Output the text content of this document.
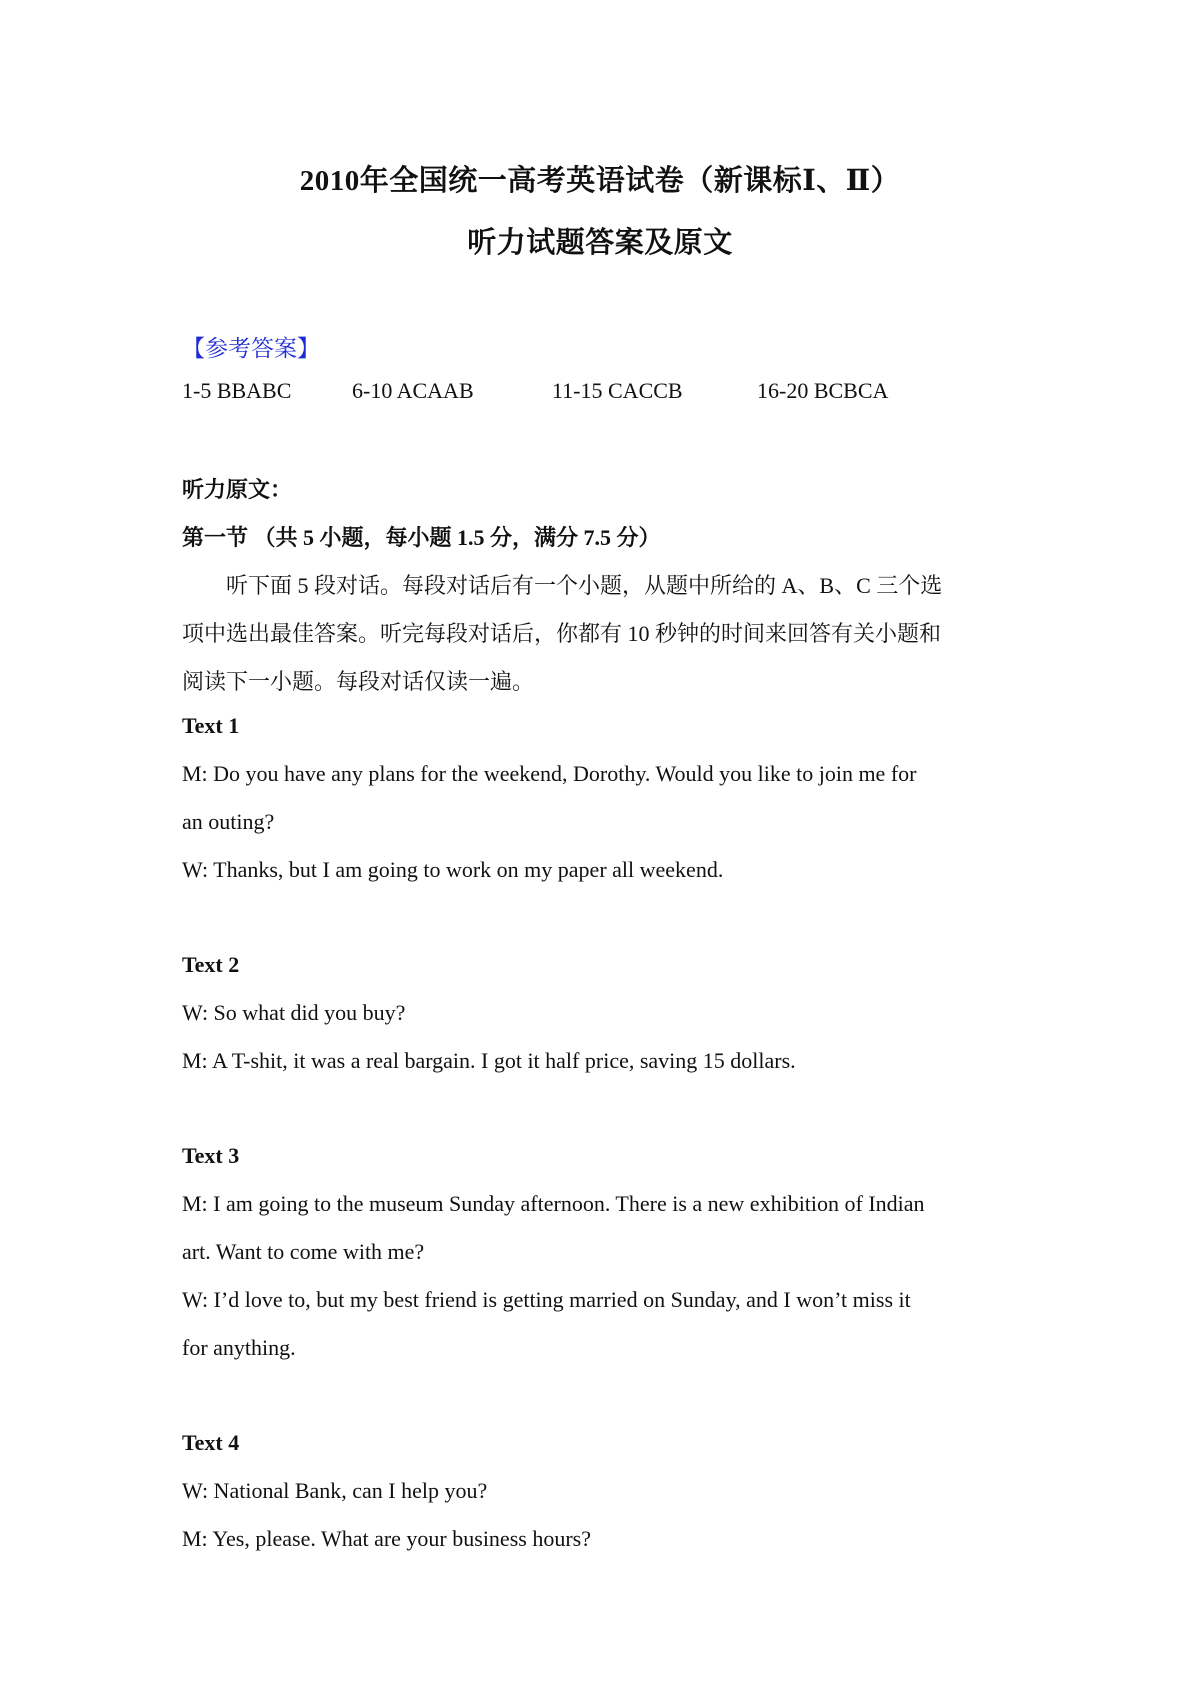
2010年全国统一高考英语试卷（新课标Ⅰ、Ⅱ）
听力试题答案及原文
【参考答案】
1-5 BBABC	6-10 ACAAB	11-15 CACCB	16-20 BCBCA
听力原文：
第一节 （共 5 小题，每小题 1.5 分，满分 7.5 分）
听下面 5 段对话。每段对话后有一个小题，从题中所给的 A、B、C 三个选
项中选出最佳答案。听完每段对话后，你都有 10 秒钟的时间来回答有关小题和
阅读下一小题。每段对话仅读一遍。
Text 1
M: Do you have any plans for the weekend, Dorothy. Would you like to join me for
an outing?
W: Thanks, but I am going to work on my paper all weekend.
Text 2
W: So what did you buy?
M: A T-shit, it was a real bargain. I got it half price, saving 15 dollars.
Text 3
M: I am going to the museum Sunday afternoon. There is a new exhibition of Indian
art. Want to come with me?
W: I’d love to, but my best friend is getting married on Sunday, and I won’t miss it
for anything.
Text 4
W: National Bank, can I help you?
M: Yes, please. What are your business hours?
